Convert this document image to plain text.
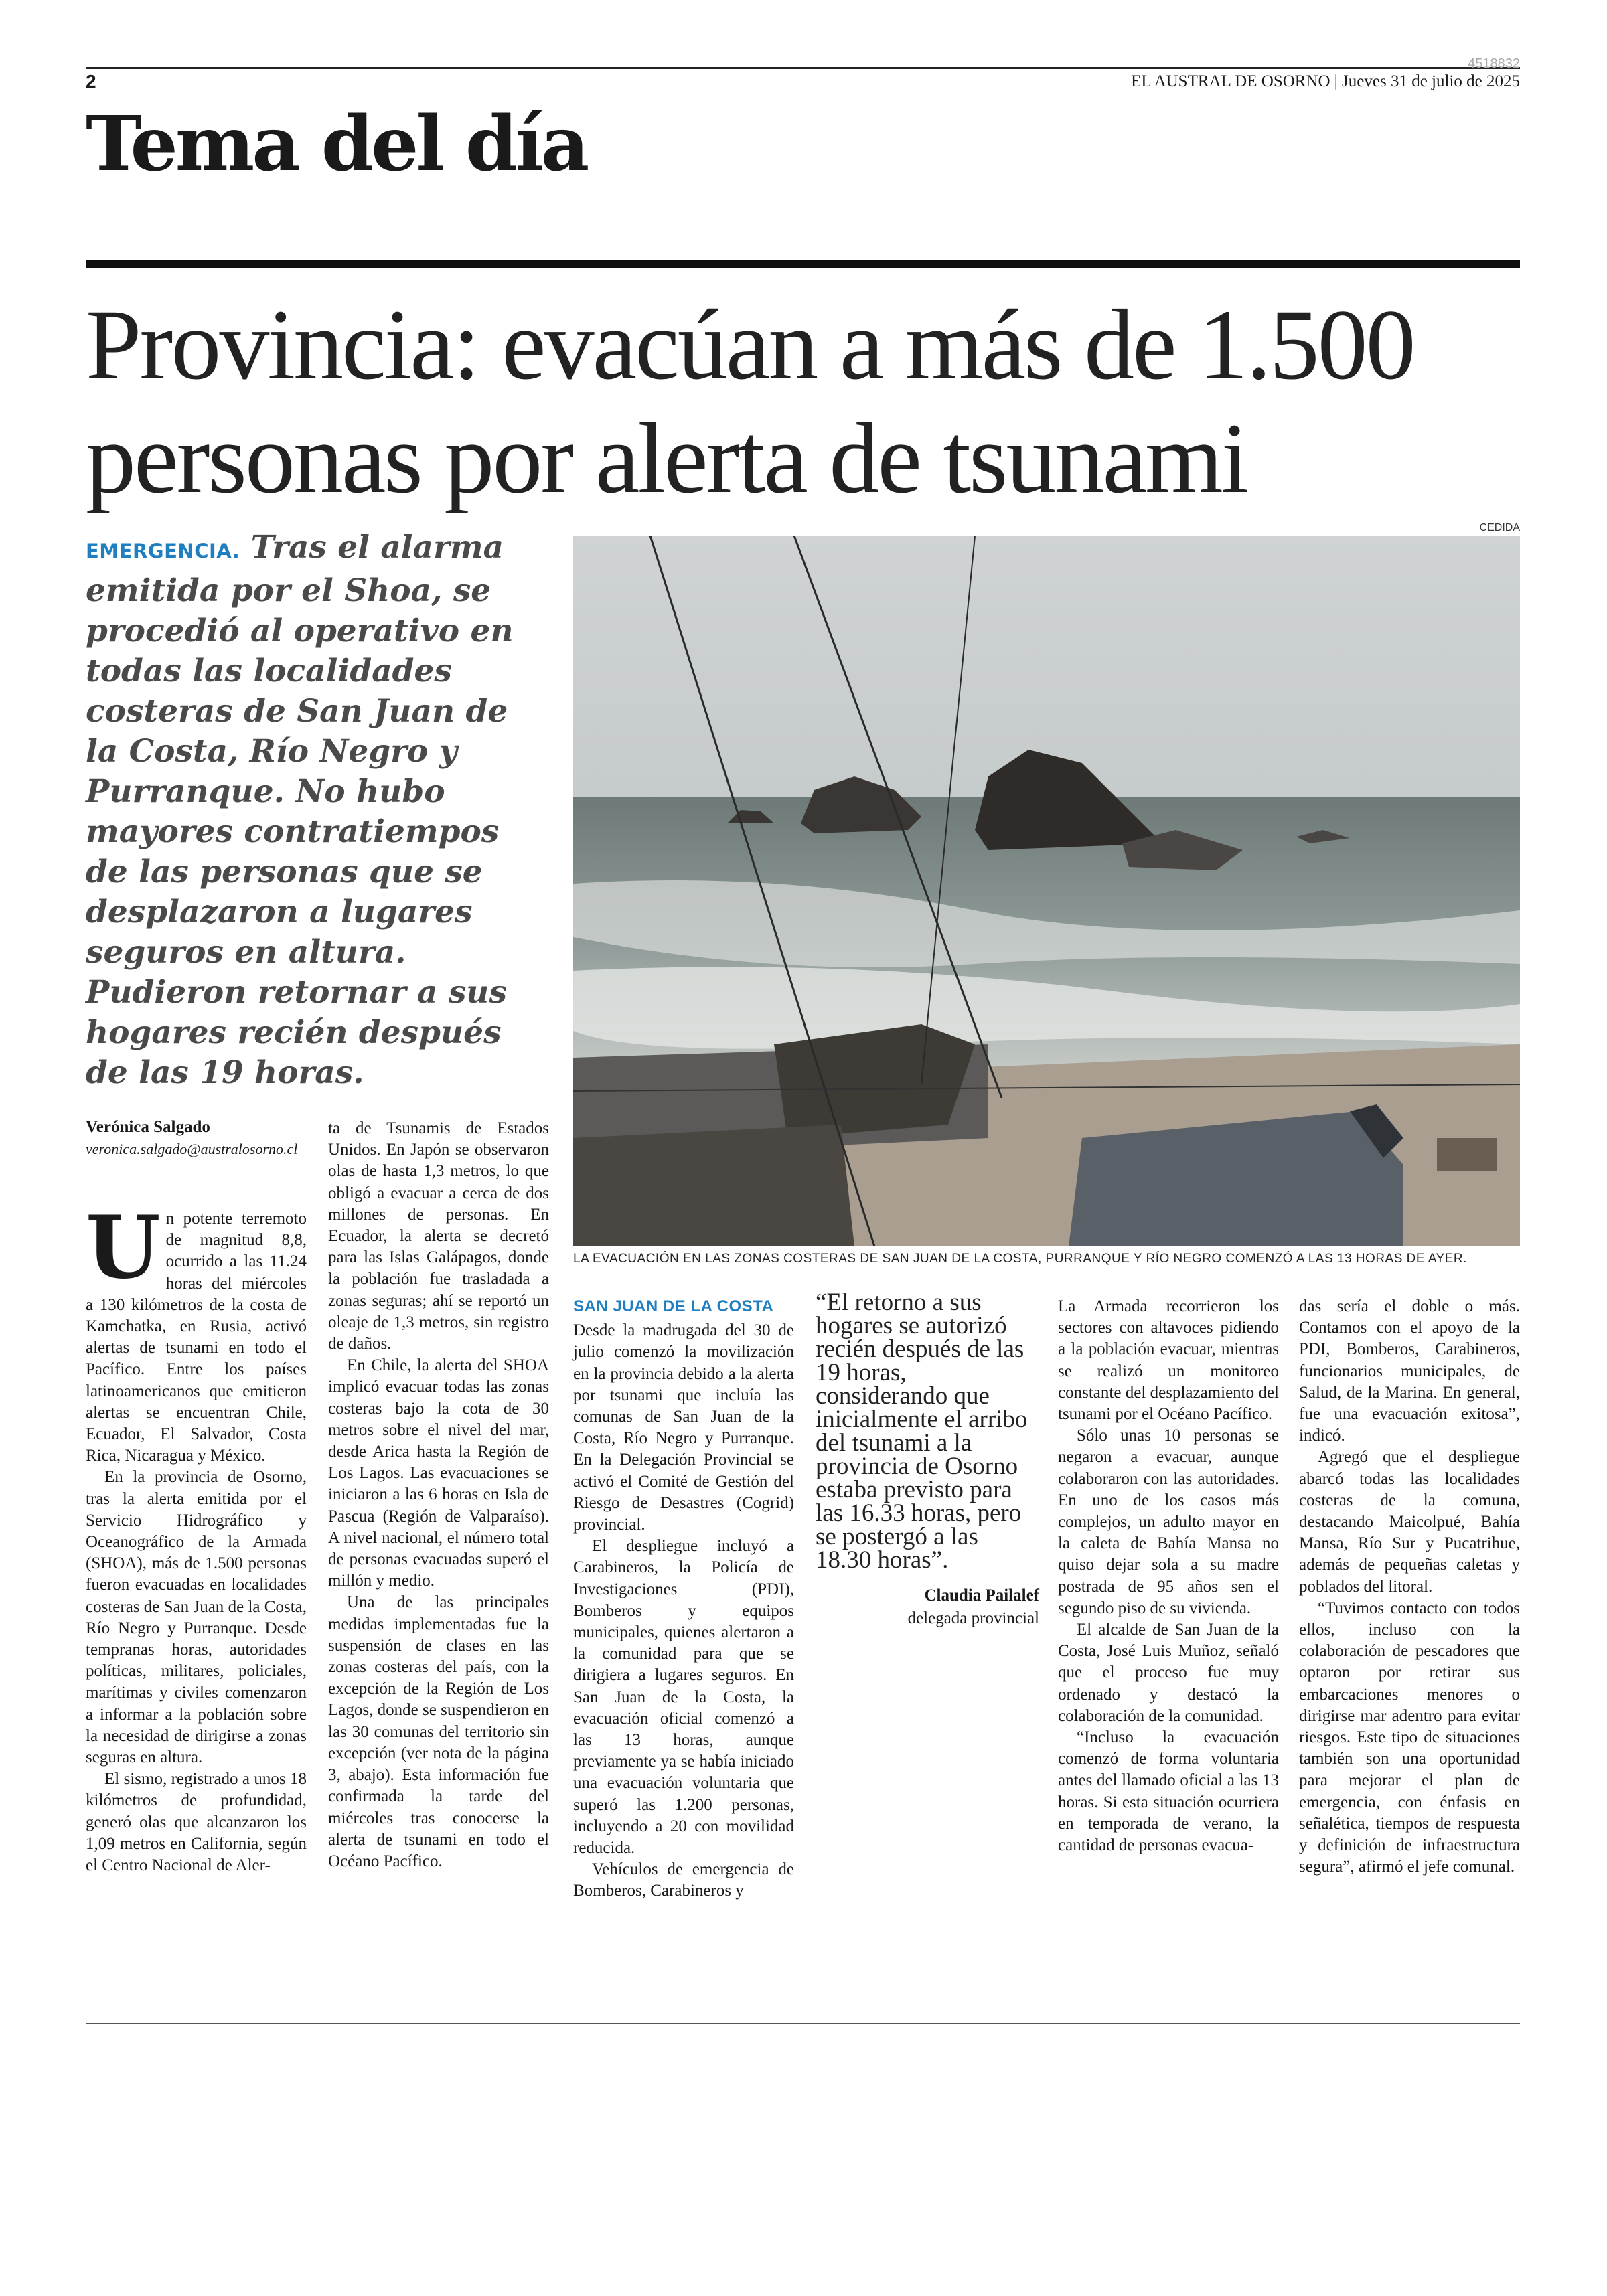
4518832
2	EL AUSTRAL DE OSORNO | Jueves 31 de julio de 2025
Tema del día
Provincia: evacúan a más de 1.500 personas por alerta de tsunami
EMERGENCIA. Tras el alarma emitida por el Shoa, se procedió al operativo en todas las localidades costeras de San Juan de la Costa, Río Negro y Purranque. No hubo mayores contratiempos de las personas que se desplazaron a lugares seguros en altura. Pudieron retornar a sus hogares recién después de las 19 horas.
CEDIDA
LA EVACUACIÓN EN LAS ZONAS COSTERAS DE SAN JUAN DE LA COSTA, PURRANQUE Y RÍO NEGRO COMENZÓ A LAS 13 HORAS DE AYER.
Verónica Salgado
veronica.salgado@australosorno.cl
U n potente terremoto de magnitud 8,8, ocurrido a las 11.24 horas del miércoles a 130 kilómetros de la costa de Kamchatka, en Rusia, activó alertas de tsunami en todo el Pacífico. Entre los países latinoamericanos que emitieron alertas se encuentran Chile, Ecuador, El Salvador, Costa Rica, Nicaragua y México.

En la provincia de Osorno, tras la alerta emitida por el Servicio Hidrográfico y Oceanográfico de la Armada (SHOA), más de 1.500 personas fueron evacuadas en localidades costeras de San Juan de la Costa, Río Negro y Purranque. Desde tempranas horas, autoridades políticas, militares, policiales, marítimas y civiles comenzaron a informar a la población sobre la necesidad de dirigirse a zonas seguras en altura.

El sismo, registrado a unos 18 kilómetros de profundidad, generó olas que alcanzaron los 1,09 metros en California, según el Centro Nacional de Aler-

ta de Tsunamis de Estados Unidos. En Japón se observaron olas de hasta 1,3 metros, lo que obligó a evacuar a cerca de dos millones de personas. En Ecuador, la alerta se decretó para las Islas Galápagos, donde la población fue trasladada a zonas seguras; ahí se reportó un oleaje de 1,3 metros, sin registro de daños.

En Chile, la alerta del SHOA implicó evacuar todas las zonas costeras bajo la cota de 30 metros sobre el nivel del mar, desde Arica hasta la Región de Los Lagos. Las evacuaciones se iniciaron a las 6 horas en Isla de Pascua (Región de Valparaíso). A nivel nacional, el número total de personas evacuadas superó el millón y medio.

Una de las principales medidas implementadas fue la suspensión de clases en las zonas costeras del país, con la excepción de la Región de Los Lagos, donde se suspendieron en las 30 comunas del territorio sin excepción (ver nota de la página 3, abajo). Esta información fue confirmada la tarde del miércoles tras conocerse la alerta de tsunami en todo el Océano Pacífico.

SAN JUAN DE LA COSTA

Desde la madrugada del 30 de julio comenzó la movilización en la provincia debido a la alerta por tsunami que incluía las comunas de San Juan de la Costa, Río Negro y Purranque. En la Delegación Provincial se activó el Comité de Gestión del Riesgo de Desastres (Cogrid) provincial.

El despliegue incluyó a Carabineros, la Policía de Investigaciones (PDI), Bomberos y equipos municipales, quienes alertaron a la comunidad para que se dirigiera a lugares seguros. En San Juan de la Costa, la evacuación oficial comenzó a las 13 horas, aunque previamente ya se había iniciado una evacuación voluntaria que superó las 1.200 personas, incluyendo a 20 con movilidad reducida.

Vehículos de emergencia de Bomberos, Carabineros y

“El retorno a sus hogares se autorizó recién después de las 19 horas, considerando que inicialmente el arribo del tsunami a la provincia de Osorno estaba previsto para las 16.33 horas, pero se postergó a las 18.30 horas”.
Claudia Pailalef
delegada provincial

La Armada recorrieron los sectores con altavoces pidiendo a la población evacuar, mientras se realizó un monitoreo constante del desplazamiento del tsunami por el Océano Pacífico.

Sólo unas 10 personas se negaron a evacuar, aunque colaboraron con las autoridades. En uno de los casos más complejos, un adulto mayor en la caleta de Bahía Mansa no quiso dejar sola a su madre postrada de 95 años sen el segundo piso de su vivienda.

El alcalde de San Juan de la Costa, José Luis Muñoz, señaló que el proceso fue muy ordenado y destacó la colaboración de la comunidad.

“Incluso la evacuación comenzó de forma voluntaria antes del llamado oficial a las 13 horas. Si esta situación ocurriera en temporada de verano, la cantidad de personas evacua-

das sería el doble o más. Contamos con el apoyo de la PDI, Bomberos, Carabineros, funcionarios municipales, de Salud, de la Marina. En general, fue una evacuación exitosa”, indicó.

Agregó que el despliegue abarcó todas las localidades costeras de la comuna, destacando Maicolpué, Bahía Mansa, Río Sur y Pucatrihue, además de pequeñas caletas y poblados del litoral.

“Tuvimos contacto con todos ellos, incluso con la colaboración de pescadores que optaron por retirar sus embarcaciones menores o dirigirse mar adentro para evitar riesgos. Este tipo de situaciones también son una oportunidad para mejorar el plan de emergencia, con énfasis en señalética, tiempos de respuesta y definición de infraestructura segura”, afirmó el jefe comunal.
